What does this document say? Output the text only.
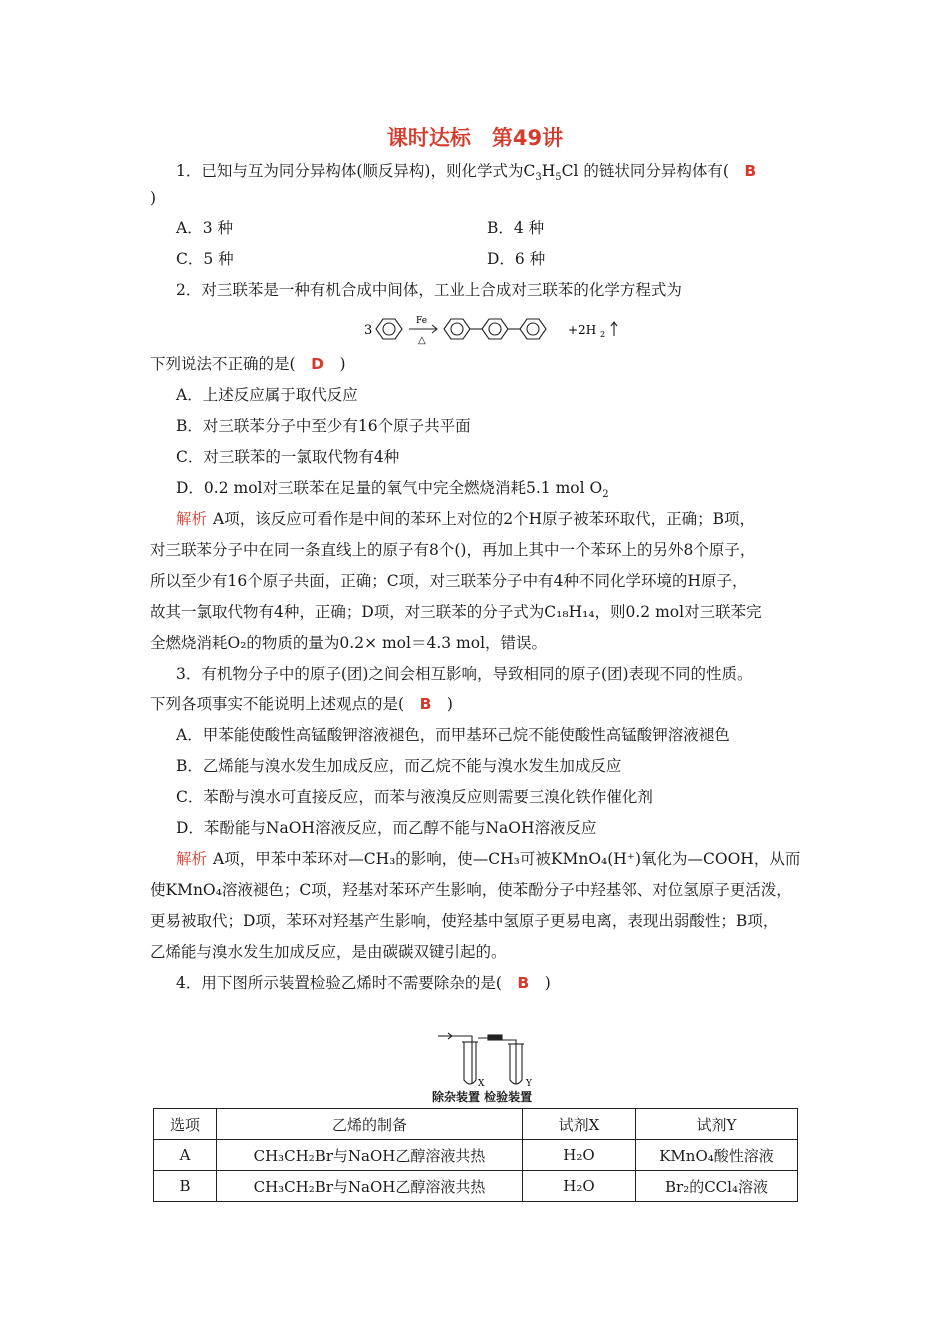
课时达标　第49讲
1．已知与互为同分异构体(顺反异构)，则化学式为$C_3H_5Cl$ 的链状同分异构体有(　B
)
A．3 种	B．4 种
C．5 种	D．6 种
2．对三联苯是一种有机合成中间体，工业上合成对三联苯的化学方程式为
3
Fe
△
+2H 2
下列说法不正确的是(　D　)
A．上述反应属于取代反应
B．对三联苯分子中至少有16个原子共平面
C．对三联苯的一氯取代物有4种
D．0.2 mol对三联苯在足量的氧气中完全燃烧消耗5.1 mol $O_2$
解析 A项，该反应可看作是中间的苯环上对位的2个H原子被苯环取代，正确；B项，
对三联苯分子中在同一条直线上的原子有8个()，再加上其中一个苯环上的另外8个原子，
所以至少有16个原子共面，正确；C项，对三联苯分子中有4种不同化学环境的H原子，
故其一氯取代物有4种，正确；D项，对三联苯的分子式为C₁₈H₁₄，则0.2 mol对三联苯完
全燃烧消耗O₂的物质的量为0.2× mol＝4.3 mol，错误。
3．有机物分子中的原子(团)之间会相互影响，导致相同的原子(团)表现不同的性质。
下列各项事实不能说明上述观点的是(　B　)
A．甲苯能使酸性高锰酸钾溶液褪色，而甲基环己烷不能使酸性高锰酸钾溶液褪色
B．乙烯能与溴水发生加成反应，而乙烷不能与溴水发生加成反应
C．苯酚与溴水可直接反应，而苯与液溴反应则需要三溴化铁作催化剂
D．苯酚能与NaOH溶液反应，而乙醇不能与NaOH溶液反应
解析 A项，甲苯中苯环对—CH₃的影响，使—CH₃可被KMnO₄(H⁺)氧化为—COOH，从而
使KMnO₄溶液褪色；C项，羟基对苯环产生影响，使苯酚分子中羟基邻、对位氢原子更活泼，
更易被取代；D项，苯环对羟基产生影响，使羟基中氢原子更易电离，表现出弱酸性；B项，
乙烯能与溴水发生加成反应，是由碳碳双键引起的。
4．用下图所示装置检验乙烯时不需要除杂的是(　B　)
X	Y
除杂装置 检验装置
选项	乙烯的制备	试剂X	试剂Y
A	CH₃CH₂Br与NaOH乙醇溶液共热	H₂O	KMnO₄酸性溶液
B	CH₃CH₂Br与NaOH乙醇溶液共热	H₂O	Br₂的CCl₄溶液
